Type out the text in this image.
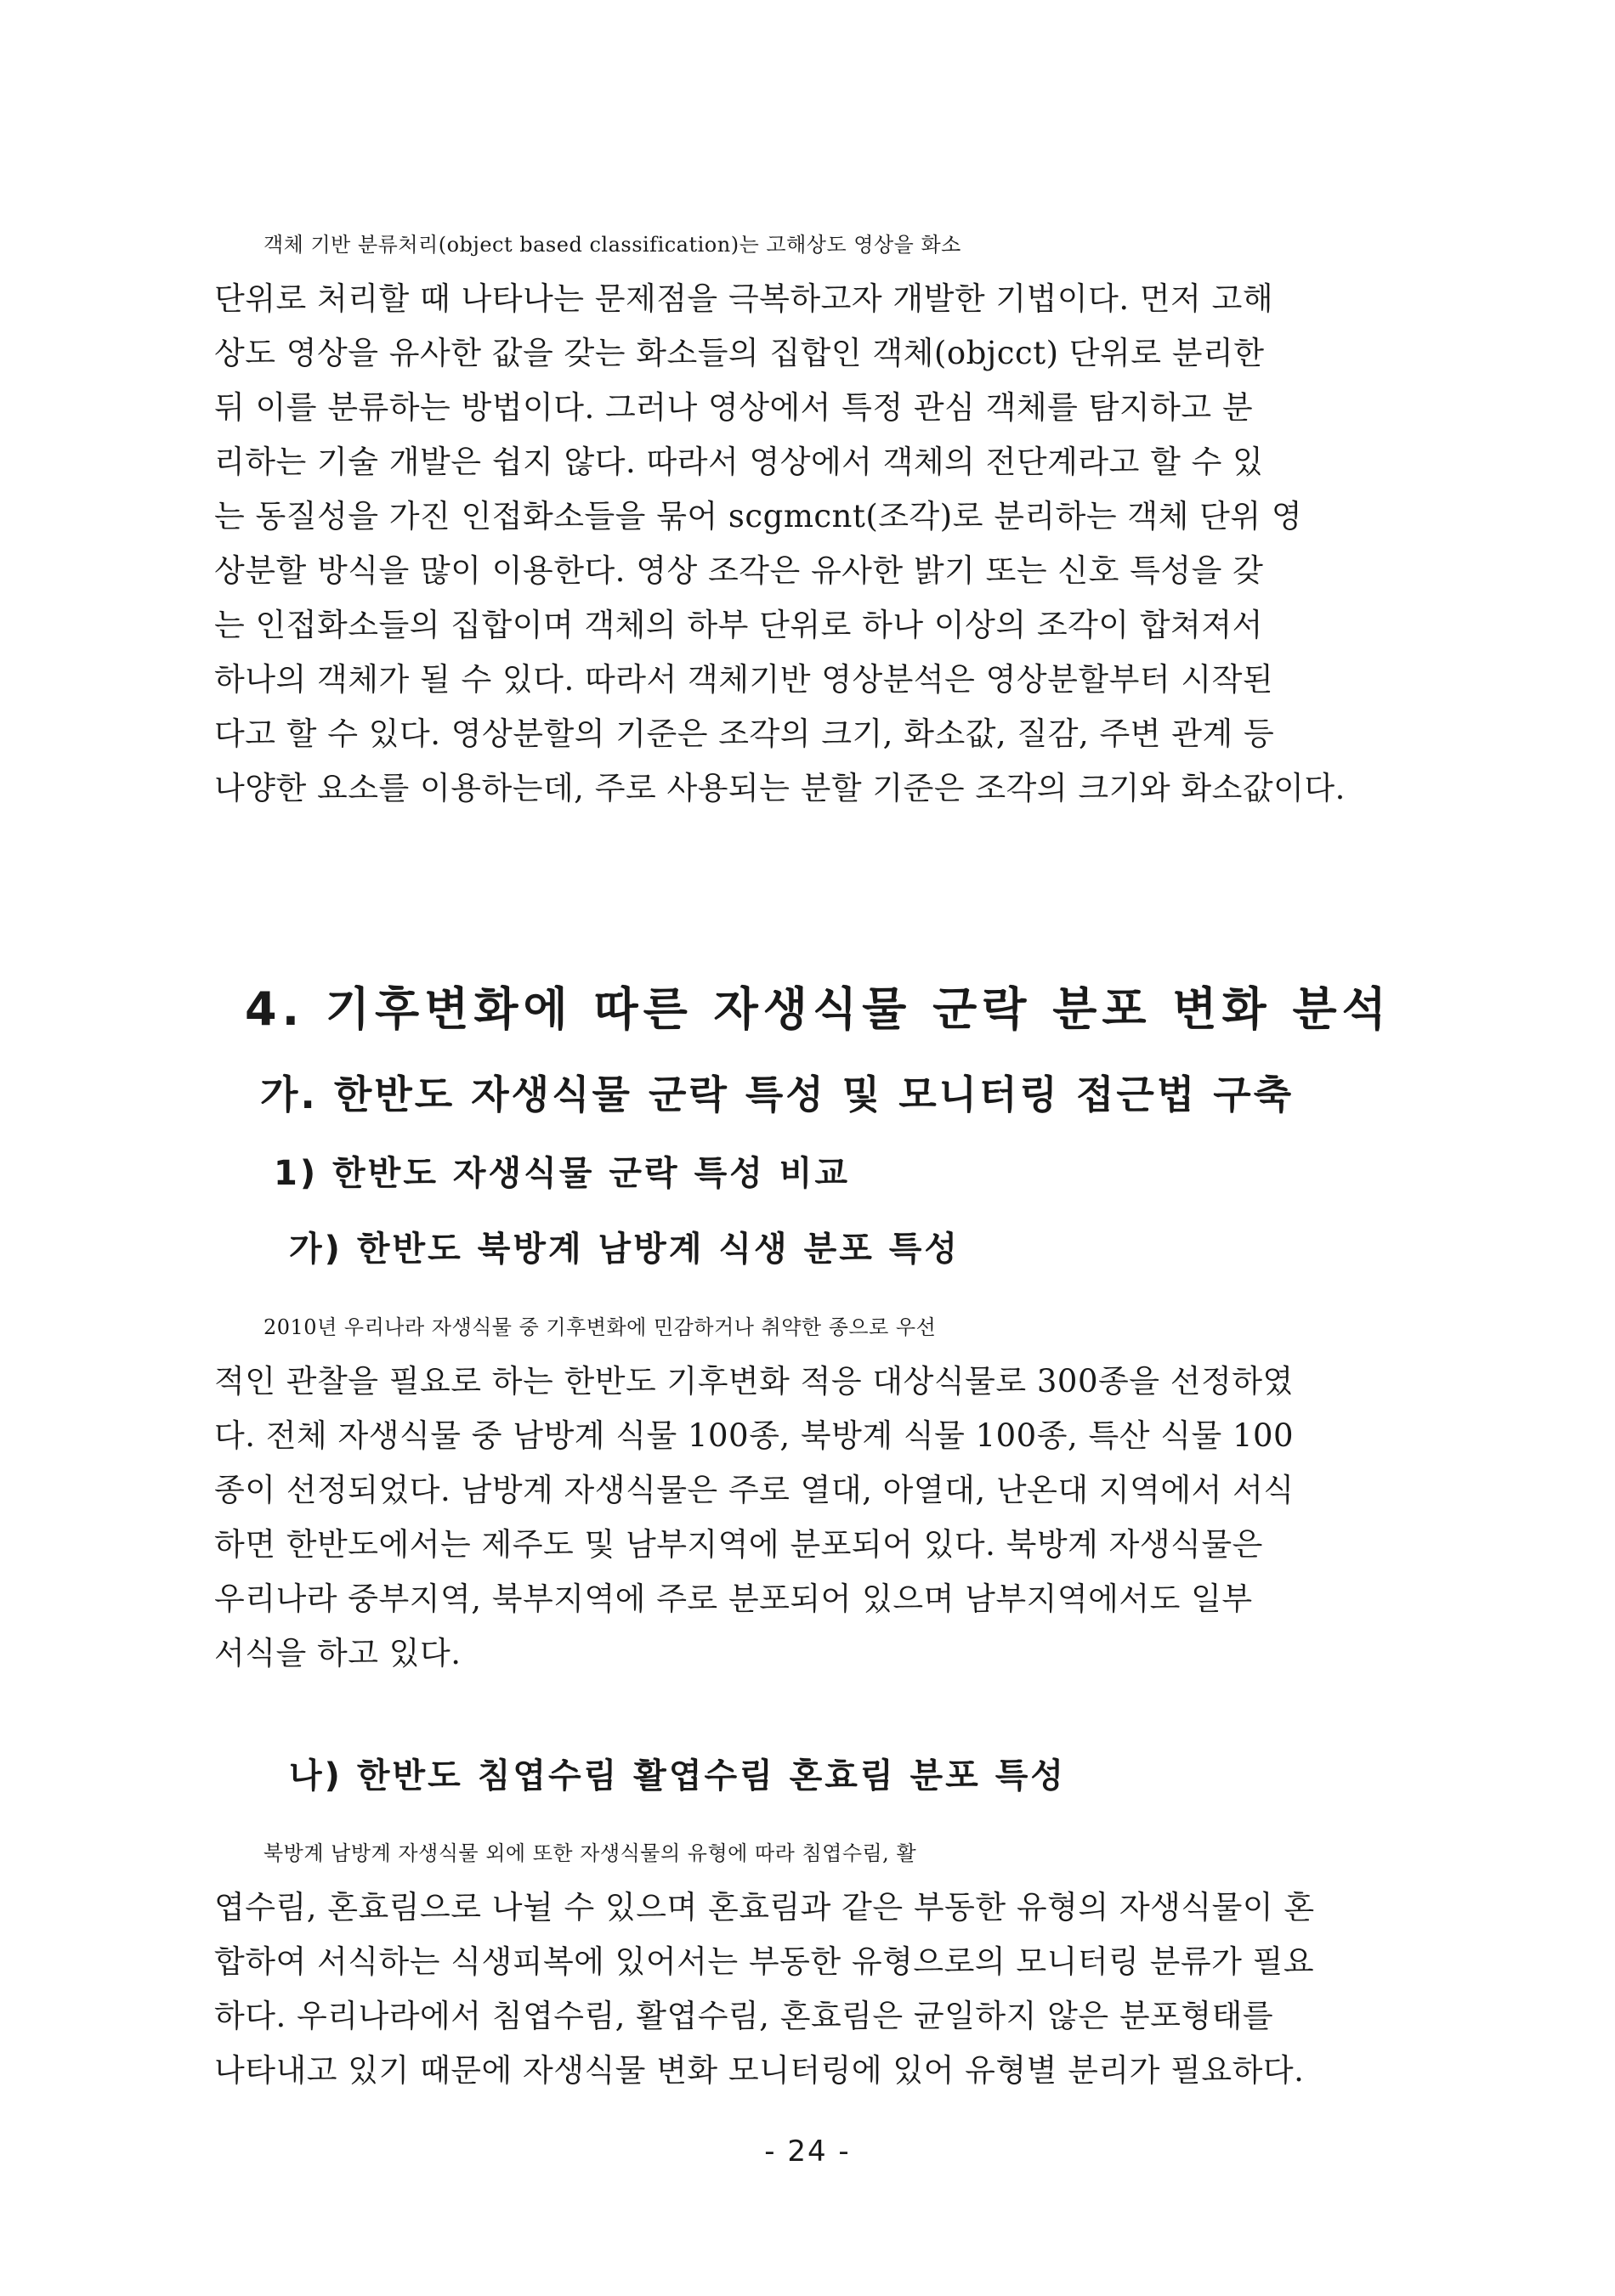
객체 기반 분류처리(object based classification)는 고해상도 영상을 화소
단위로 처리할 때 나타나는 문제점을 극복하고자 개발한 기법이다. 먼저 고해
상도 영상을 유사한 값을 갖는 화소들의 집합인 객체(objcct) 단위로 분리한
뒤 이를 분류하는 방법이다. 그러나 영상에서 특정 관심 객체를 탐지하고 분
리하는 기술 개발은 쉽지 않다. 따라서 영상에서 객체의 전단계라고 할 수 있
는 동질성을 가진 인접화소들을 묶어 scgmcnt(조각)로 분리하는 객체 단위 영
상분할 방식을 많이 이용한다. 영상 조각은 유사한 밝기 또는 신호 특성을 갖
는 인접화소들의 집합이며 객체의 하부 단위로 하나 이상의 조각이 합쳐져서
하나의 객체가 될 수 있다. 따라서 객체기반 영상분석은 영상분할부터 시작된
다고 할 수 있다. 영상분할의 기준은 조각의 크기, 화소값, 질감, 주변 관계 등
나양한 요소를 이용하는데, 주로 사용되는 분할 기준은 조각의 크기와 화소값이다.

4. 기후변화에 따른 자생식물 군락 분포 변화 분석
가. 한반도 자생식물 군락 특성 및 모니터링 접근법 구축
1) 한반도 자생식물 군락 특성 비교
가) 한반도 북방계 남방계 식생 분포 특성

2010년 우리나라 자생식물 중 기후변화에 민감하거나 취약한 종으로 우선
적인 관찰을 필요로 하는 한반도 기후변화 적응 대상식물로 300종을 선정하였
다. 전체 자생식물 중 남방계 식물 100종, 북방계 식물 100종, 특산 식물 100
종이 선정되었다. 남방계 자생식물은 주로 열대, 아열대, 난온대 지역에서 서식
하면 한반도에서는 제주도 및 남부지역에 분포되어 있다. 북방계 자생식물은
우리나라 중부지역, 북부지역에 주로 분포되어 있으며 남부지역에서도 일부
서식을 하고 있다.

나) 한반도 침엽수림 활엽수림 혼효림 분포 특성

북방계 남방계 자생식물 외에 또한 자생식물의 유형에 따라 침엽수림, 활
엽수림, 혼효림으로 나뉠 수 있으며 혼효림과 같은 부동한 유형의 자생식물이 혼
합하여 서식하는 식생피복에 있어서는 부동한 유형으로의 모니터링 분류가 필요
하다. 우리나라에서 침엽수림, 활엽수림, 혼효림은 균일하지 않은 분포형태를
나타내고 있기 때문에 자생식물 변화 모니터링에 있어 유형별 분리가 필요하다.

- 24 -
